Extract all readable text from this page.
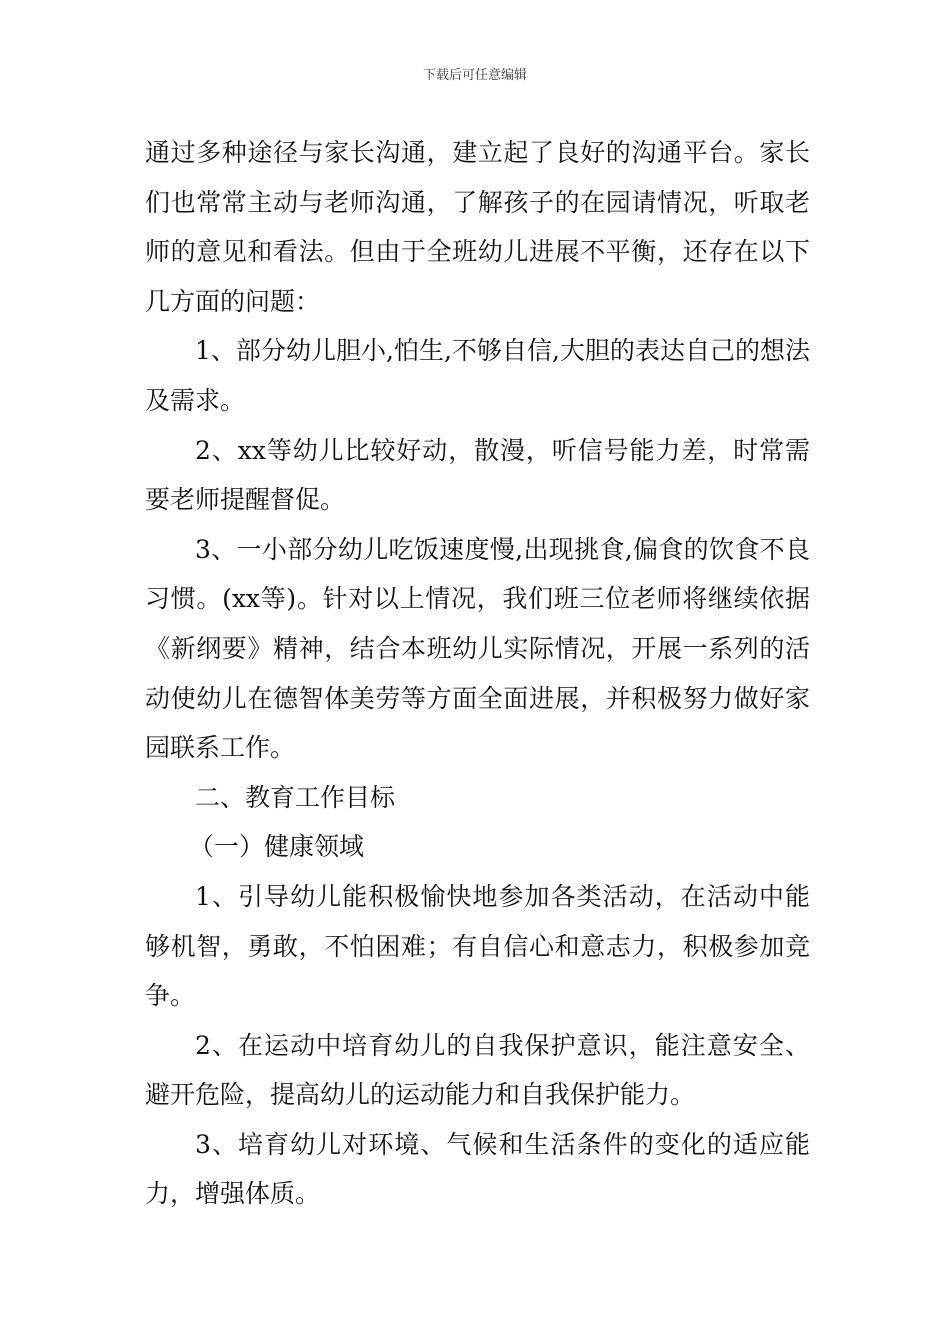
下载后可任意编辑

通过多种途径与家长沟通，建立起了良好的沟通平台。家长们也常常主动与老师沟通，了解孩子的在园请情况，听取老师的意见和看法。但由于全班幼儿进展不平衡，还存在以下几方面的问题：

1、部分幼儿胆小,怕生,不够自信,大胆的表达自己的想法及需求。

2、xx等幼儿比较好动，散漫，听信号能力差，时常需要老师提醒督促。

3、一小部分幼儿吃饭速度慢,出现挑食,偏食的饮食不良习惯。(xx等)。针对以上情况，我们班三位老师将继续依据《新纲要》精神，结合本班幼儿实际情况，开展一系列的活动使幼儿在德智体美劳等方面全面进展，并积极努力做好家园联系工作。

二、教育工作目标

（一）健康领域

1、引导幼儿能积极愉快地参加各类活动，在活动中能够机智，勇敢，不怕困难；有自信心和意志力，积极参加竞争。

2、在运动中培育幼儿的自我保护意识，能注意安全、避开危险，提高幼儿的运动能力和自我保护能力。

3、培育幼儿对环境、气候和生活条件的变化的适应能力，增强体质。
